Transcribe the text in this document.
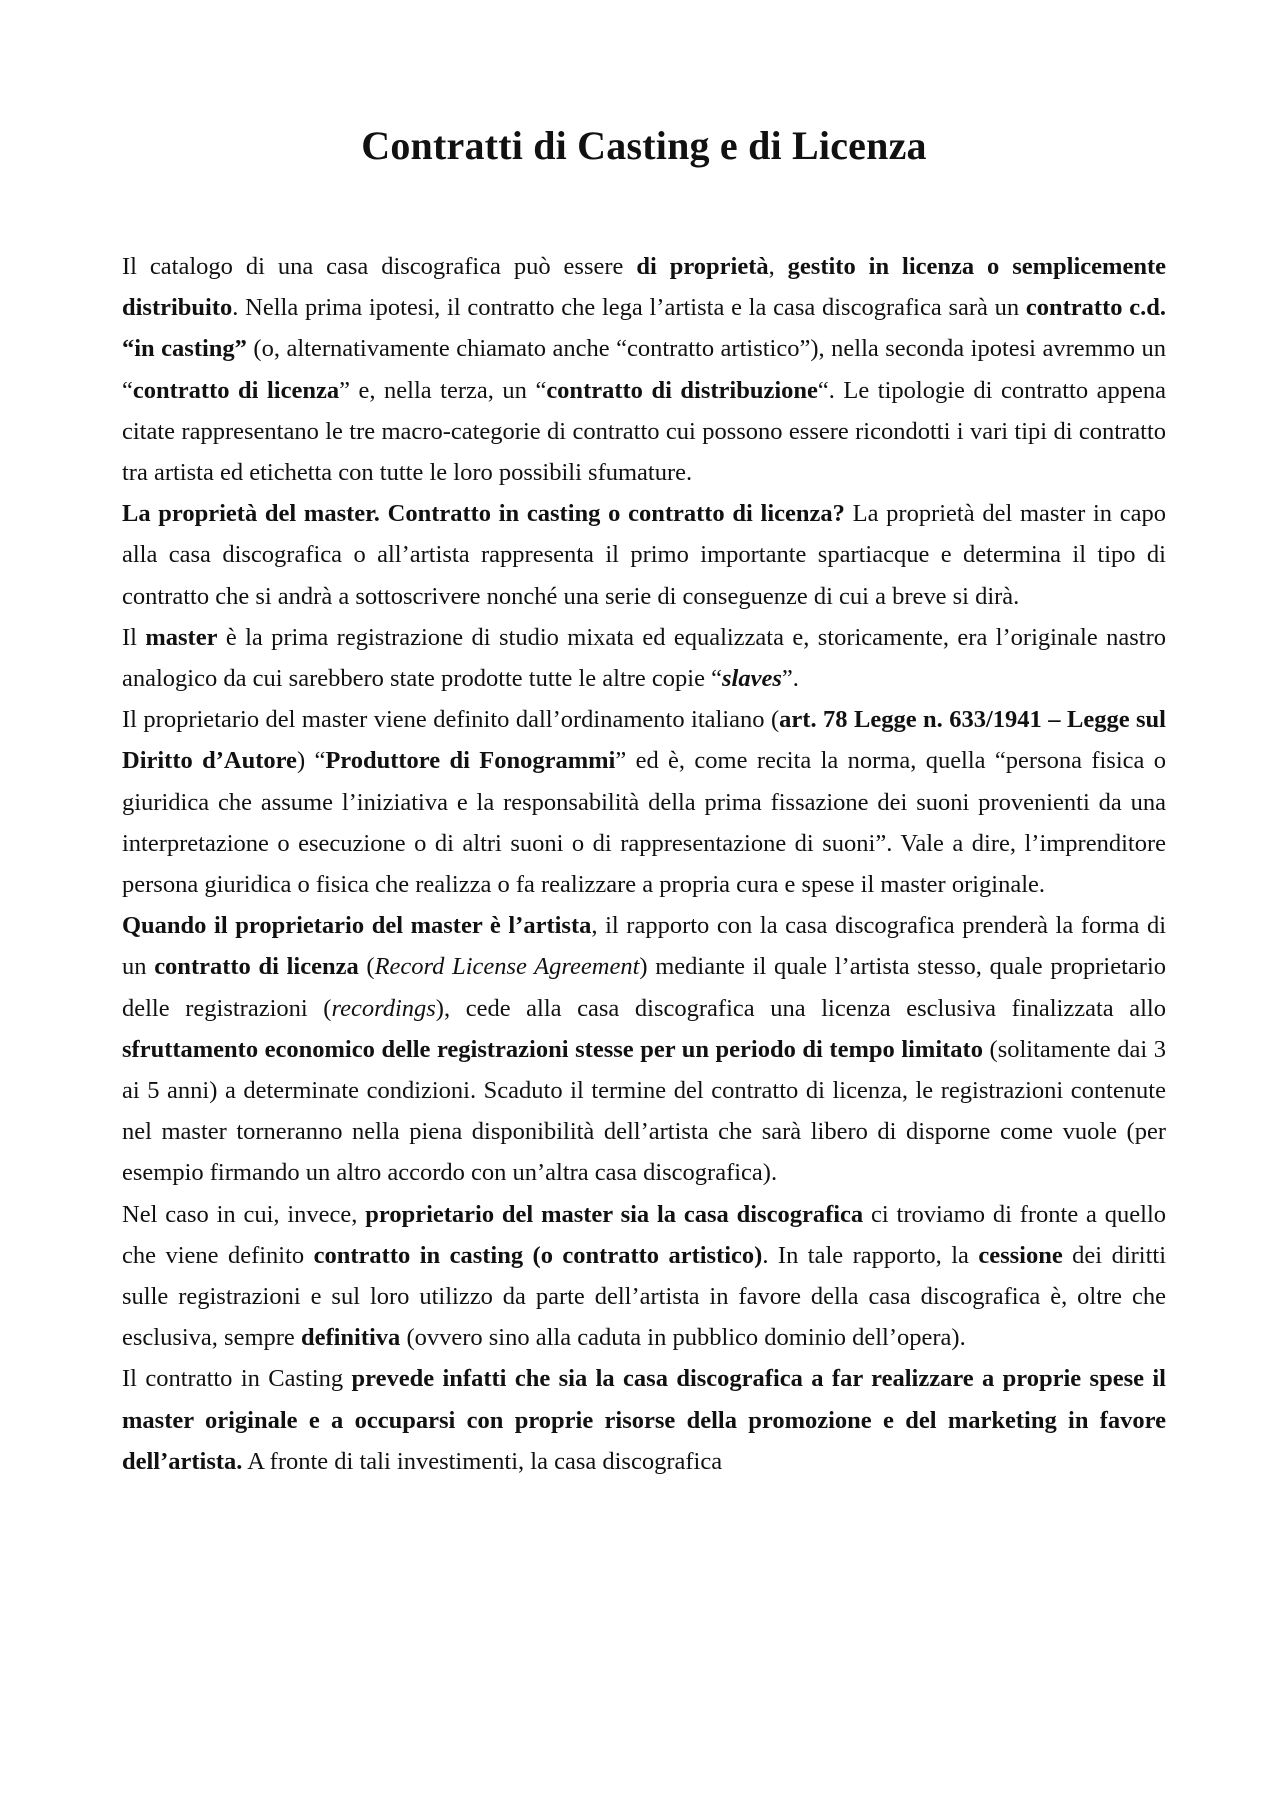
Contratti di Casting e di Licenza

Il catalogo di una casa discografica può essere di proprietà, gestito in licenza o semplicemente distribuito. Nella prima ipotesi, il contratto che lega l’artista e la casa discografica sarà un contratto c.d. “in casting” (o, alternativamente chiamato anche “contratto artistico”), nella seconda ipotesi avremmo un “contratto di licenza” e, nella terza, un “contratto di distribuzione“. Le tipologie di contratto appena citate rappresentano le tre macro-categorie di contratto cui possono essere ricondotti i vari tipi di contratto tra artista ed etichetta con tutte le loro possibili sfumature.

La proprietà del master. Contratto in casting o contratto di licenza? La proprietà del master in capo alla casa discografica o all’artista rappresenta il primo importante spartiacque e determina il tipo di contratto che si andrà a sottoscrivere nonché una serie di conseguenze di cui a breve si dirà.

Il master è la prima registrazione di studio mixata ed equalizzata e, storicamente, era l’originale nastro analogico da cui sarebbero state prodotte tutte le altre copie “slaves”.

Il proprietario del master viene definito dall’ordinamento italiano (art. 78 Legge n. 633/1941 – Legge sul Diritto d’Autore) “Produttore di Fonogrammi” ed è, come recita la norma, quella “persona fisica o giuridica che assume l’iniziativa e la responsabilità della prima fissazione dei suoni provenienti da una interpretazione o esecuzione o di altri suoni o di rappresentazione di suoni”. Vale a dire, l’imprenditore persona giuridica o fisica che realizza o fa realizzare a propria cura e spese il master originale.

Quando il proprietario del master è l’artista, il rapporto con la casa discografica prenderà la forma di un contratto di licenza (Record License Agreement) mediante il quale l’artista stesso, quale proprietario delle registrazioni (recordings), cede alla casa discografica una licenza esclusiva finalizzata allo sfruttamento economico delle registrazioni stesse per un periodo di tempo limitato (solitamente dai 3 ai 5 anni) a determinate condizioni. Scaduto il termine del contratto di licenza, le registrazioni contenute nel master torneranno nella piena disponibilità dell’artista che sarà libero di disporne come vuole (per esempio firmando un altro accordo con un’altra casa discografica).

Nel caso in cui, invece, proprietario del master sia la casa discografica ci troviamo di fronte a quello che viene definito contratto in casting (o contratto artistico). In tale rapporto, la cessione dei diritti sulle registrazioni e sul loro utilizzo da parte dell’artista in favore della casa discografica è, oltre che esclusiva, sempre definitiva (ovvero sino alla caduta in pubblico dominio dell’opera).

Il contratto in Casting prevede infatti che sia la casa discografica a far realizzare a proprie spese il master originale e a occuparsi con proprie risorse della promozione e del marketing in favore dell’artista. A fronte di tali investimenti, la casa discografica
